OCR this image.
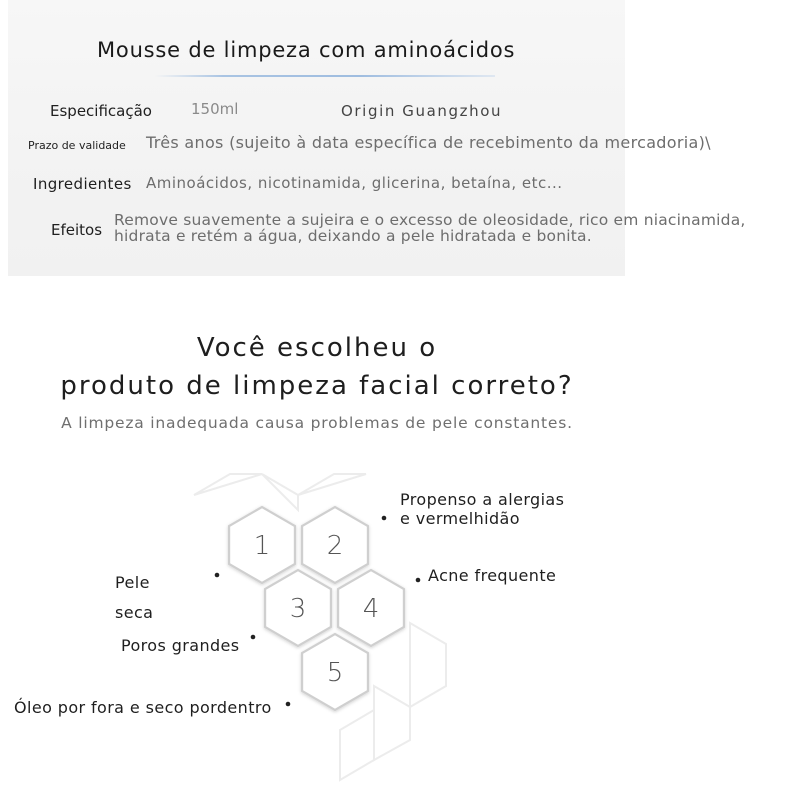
Mousse de limpeza com aminoácidos
Especificação	150ml	Origin Guangzhou
Prazo de validade Três anos (sujeito à data específica de recebimento da mercadoria)\
Ingredientes Aminoácidos, nicotinamida, glicerina, betaína, etc...
Efeitos
Remove suavemente a sujeira e o excesso de oleosidade, rico em niacinamida,
hidrata e retém a água, deixando a pele hidratada e bonita.
Você escolheu o
produto de limpeza facial correto?
A limpeza inadequada causa problemas de pele constantes.
1 2
3 4
5
Propenso a alergias
e vermelhidão
Acne frequente
Pele
seca
Poros grandes
Óleo por fora e seco pordentro
